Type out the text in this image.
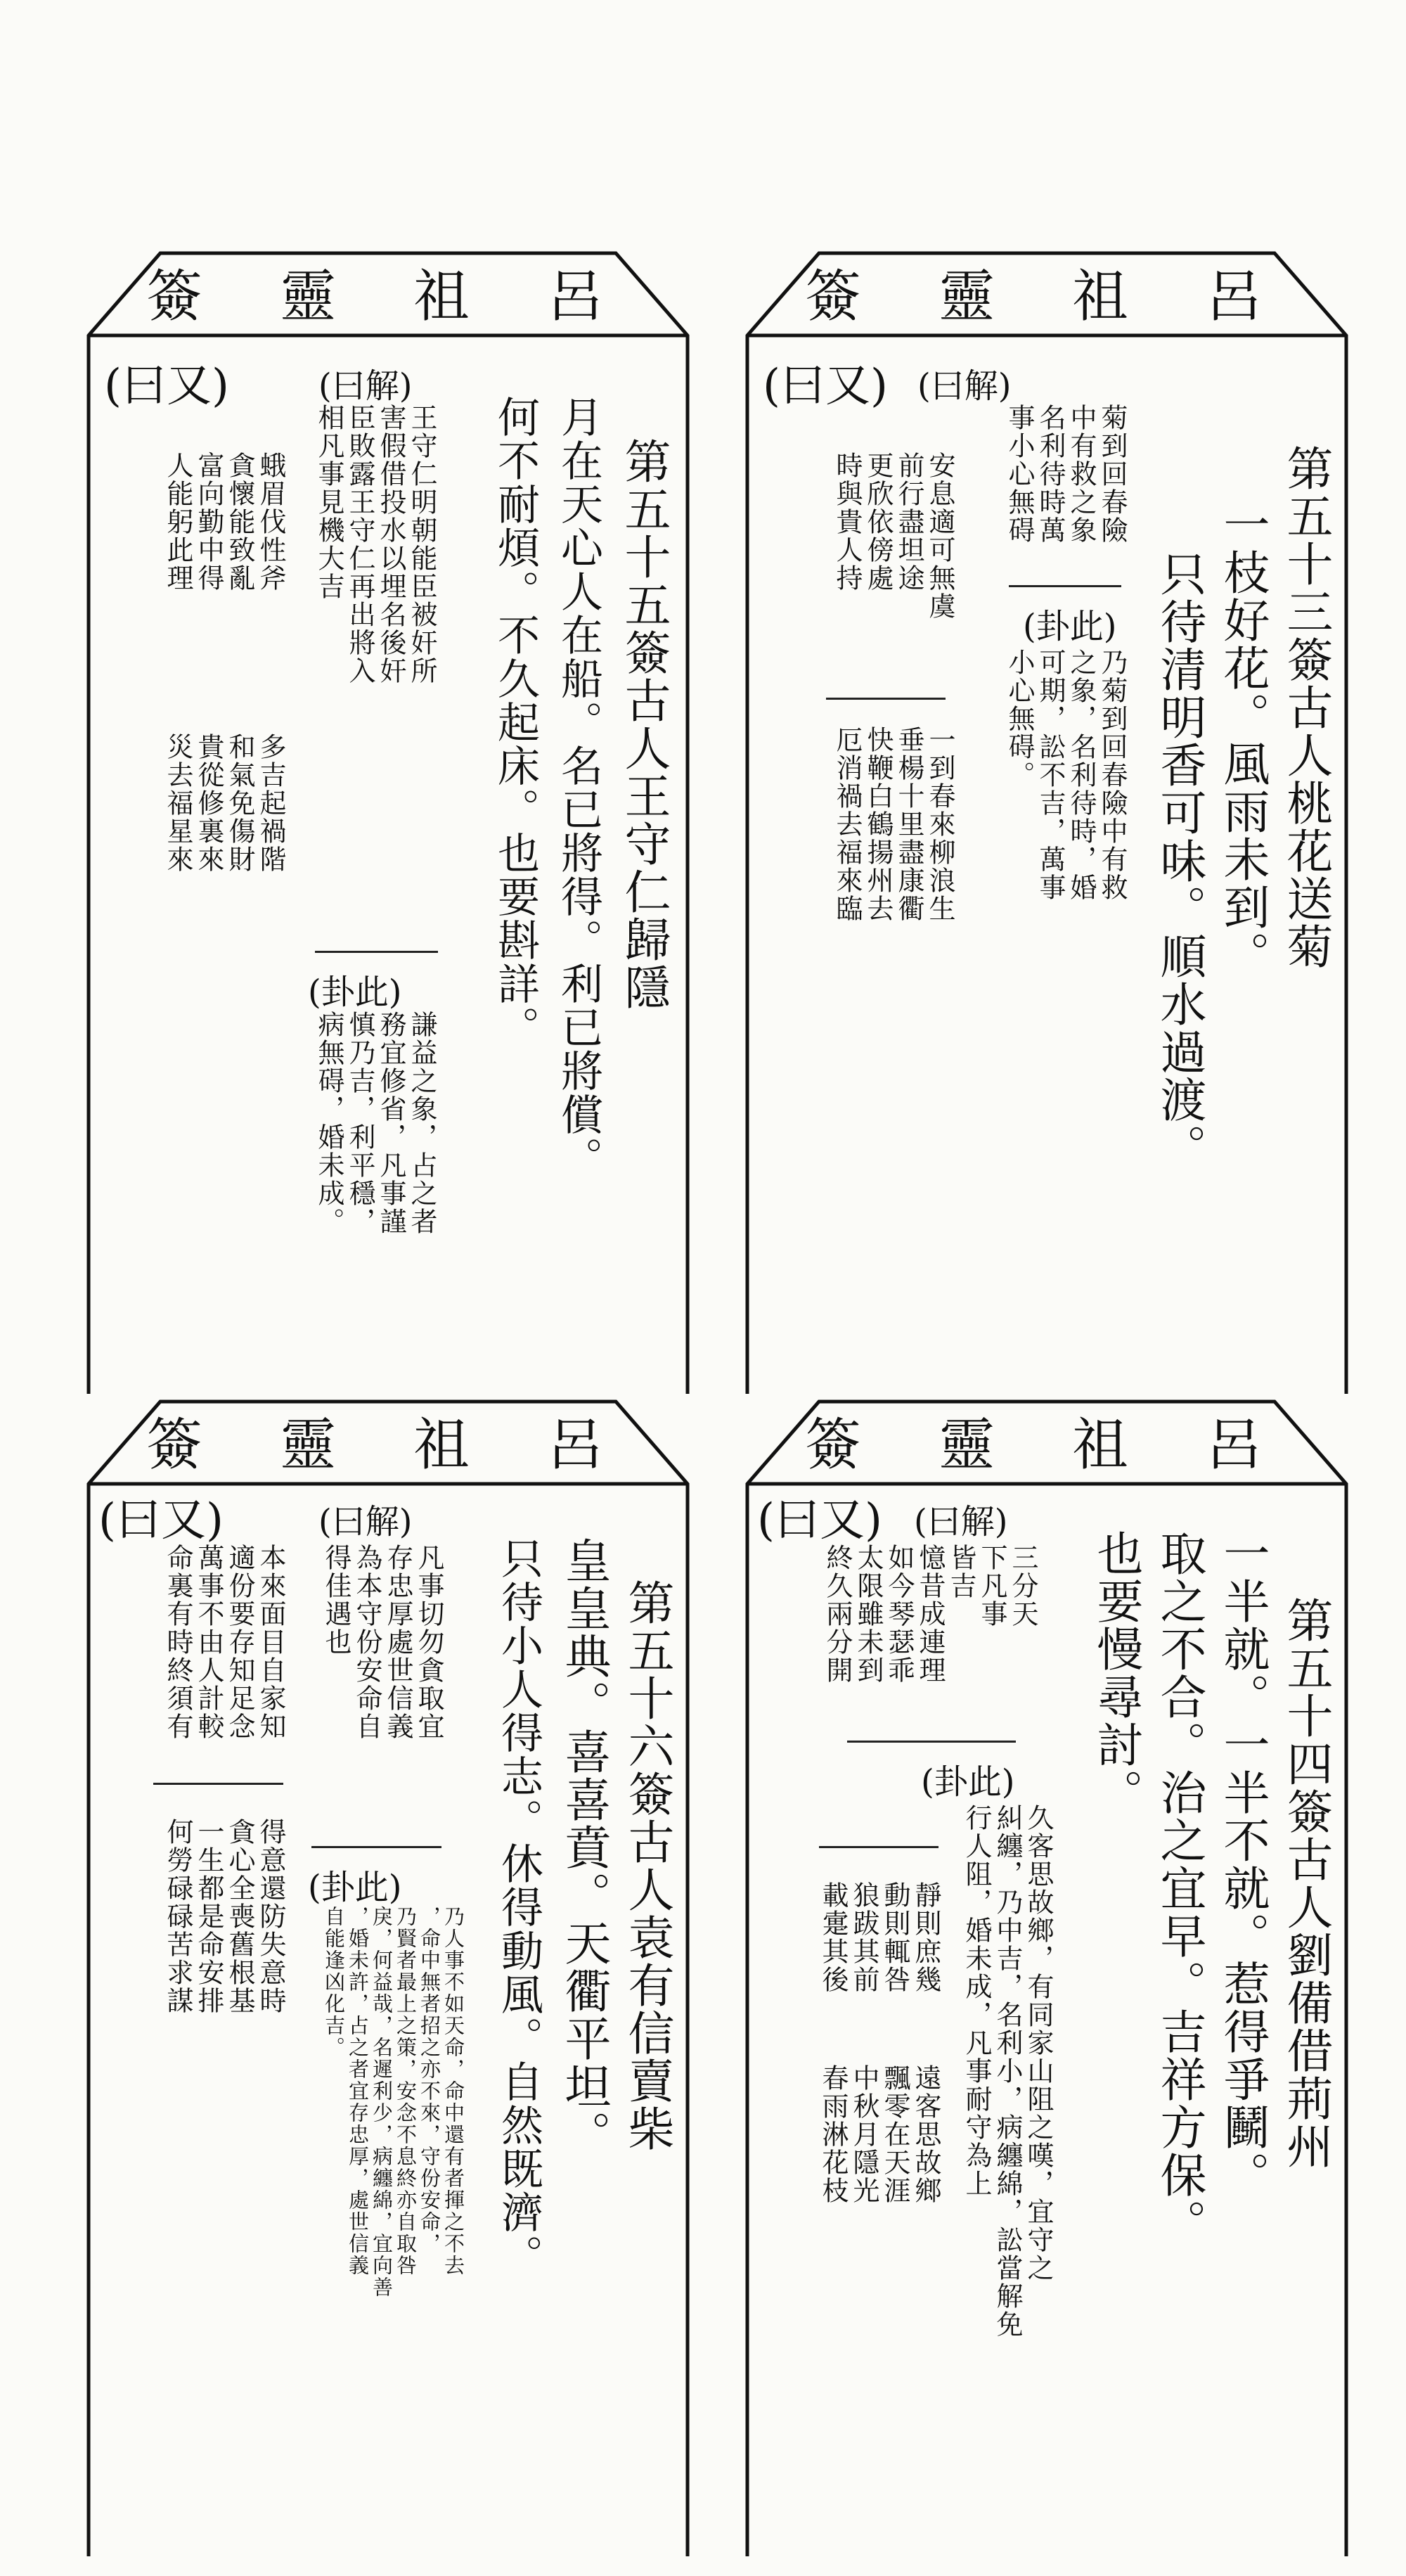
呂
祖
靈
簽
第五十三簽古人桃花送菊
一枝好花。風雨未到。
只待清明香可味。順水過渡。
(曰解)
菊到回春險
中有救之象
名利待時萬
事小心無碍
安息適可無虞
前行盡坦途
更欣依傍處
時與貴人持
(卦此)
乃菊到回春險中有救
之象，名利待時，婚
可期，訟不吉，萬事
小心無碍。
一到春來柳浪生
垂楊十里盡康衢
快鞭白鶴揚州去
厄消禍去福來臨
(曰又)
呂
祖
靈
簽
第五十五簽古人王守仁歸隱
月在天心人在船。名已將得。利已將償。
何不耐煩。不久起床。也要斟詳。
(曰解)
王守仁明朝能臣被奸所
害假借投水以埋名後奸
臣敗露王守仁再出將入
相凡事見機大吉
(卦此)
謙益之象，占之者
務宜修省，凡事謹
慎乃吉，利平穩，
病無碍，婚未成。
(曰又)
蛾眉伐性斧
貪懷能致亂
富向勤中得
人能躬此理
多吉起禍階
和氣免傷財
貴從修裏來
災去福星來
呂
祖
靈
簽
第五十四簽古人劉備借荊州
一半就。一半不就。惹得爭鬭。
取之不合。治之宜早。吉祥方保。
也要慢尋討。
(曰解)
三分天
下凡事
皆吉
憶昔成連理
如今琴瑟乖
太限雖未到
終久兩分開
(卦此)
久客思故鄉，有同家山阻之嘆，宜守之
糾纏，乃中吉，名利小，病纏綿，訟當解免
行人阻，婚未成，凡事耐守為上
靜則庶幾
動則輒咎
狼跋其前
載疐其後
遠客思故鄉
飄零在天涯
中秋月隱光
春雨淋花枝
(曰又)
呂
祖
靈
簽
第五十六簽古人袁有信賣柴
皇皇典。喜喜賁。天衢平坦。
只待小人得志。休得動風。自然既濟。
(曰解)
凡事切勿貪取宜
存忠厚處世信義
為本守份安命自
得佳遇也
(卦此)
乃人事不如天命，命中還有者揮之不去
，命中無者招之亦不來，守份安命，
乃賢者最上之策，安念不息終亦自取咎
戾，何益哉，名遲利少，病纏綿，宜向善
，婚未許，占之者宜存忠厚，處世信義
自能逢凶化吉。
(曰又)
本來面目自家知
適份要存知足念
萬事不由人計較
命裏有時終須有
得意還防失意時
貪心全喪舊根基
一生都是命安排
何勞碌碌苦求謀
